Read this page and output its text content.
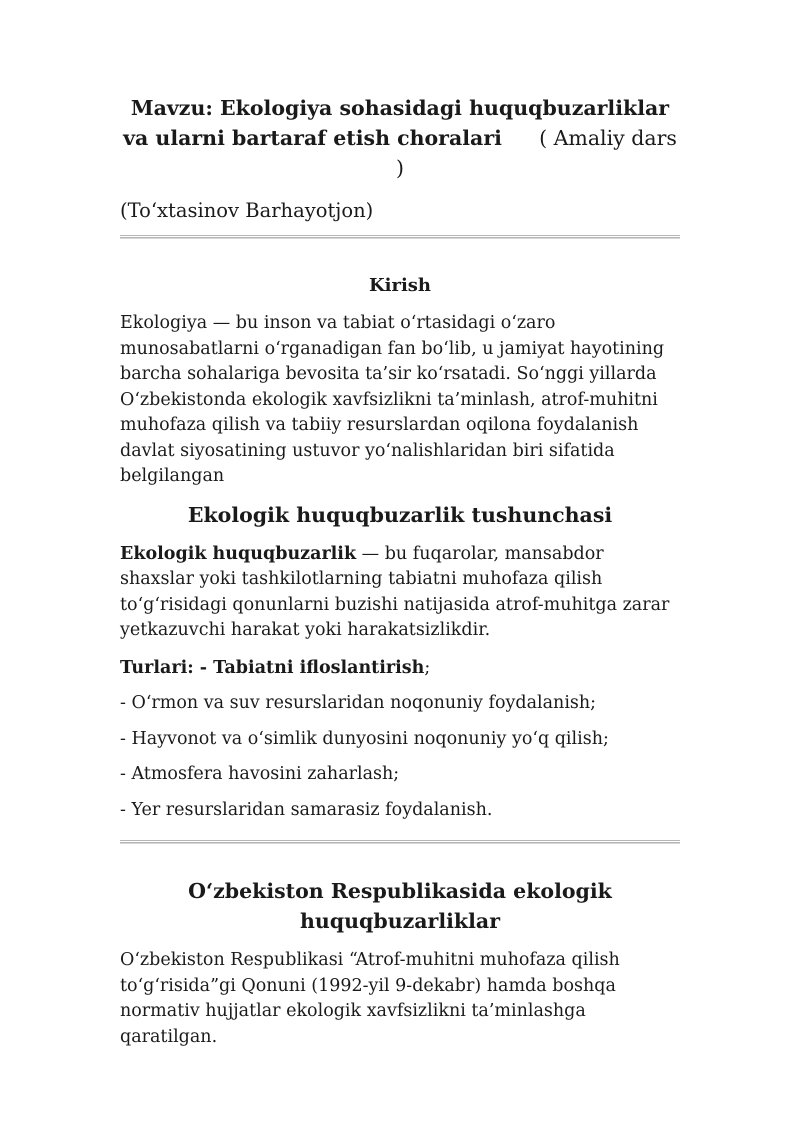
Mavzu: Ekologiya sohasidagi huquqbuzarliklar va ularni bartaraf etish choralari ( Amaliy dars )
(To‘xtasinov Barhayotjon)
Kirish

Ekologiya — bu inson va tabiat o‘rtasidagi o‘zaro munosabatlarni o‘rganadigan fan bo‘lib, u jamiyat hayotining barcha sohalariga bevosita ta’sir ko‘rsatadi. So‘nggi yillarda O‘zbekistonda ekologik xavfsizlikni ta’minlash, atrof-muhitni muhofaza qilish va tabiiy resurslardan oqilona foydalanish davlat siyosatining ustuvor yo‘nalishlaridan biri sifatida belgilangan

Ekologik huquqbuzarlik tushunchasi

Ekologik huquqbuzarlik — bu fuqarolar, mansabdor shaxslar yoki tashkilotlarning tabiatni muhofaza qilish to‘g‘risidagi qonunlarni buzishi natijasida atrof-muhitga zarar yetkazuvchi harakat yoki harakatsizlikdir.

Turlari: - Tabiatni ifloslantirish;
- O‘rmon va suv resurslaridan noqonuniy foydalanish;
- Hayvonot va o‘simlik dunyosini noqonuniy yo‘q qilish;
- Atmosfera havosini zaharlash;
- Yer resurslaridan samarasiz foydalanish.
O‘zbekiston Respublikasida ekologik huquqbuzarliklar

O‘zbekiston Respublikasi “Atrof-muhitni muhofaza qilish to‘g‘risida”gi Qonuni (1992-yil 9-dekabr) hamda boshqa normativ hujjatlar ekologik xavfsizlikni ta’minlashga qaratilgan.
